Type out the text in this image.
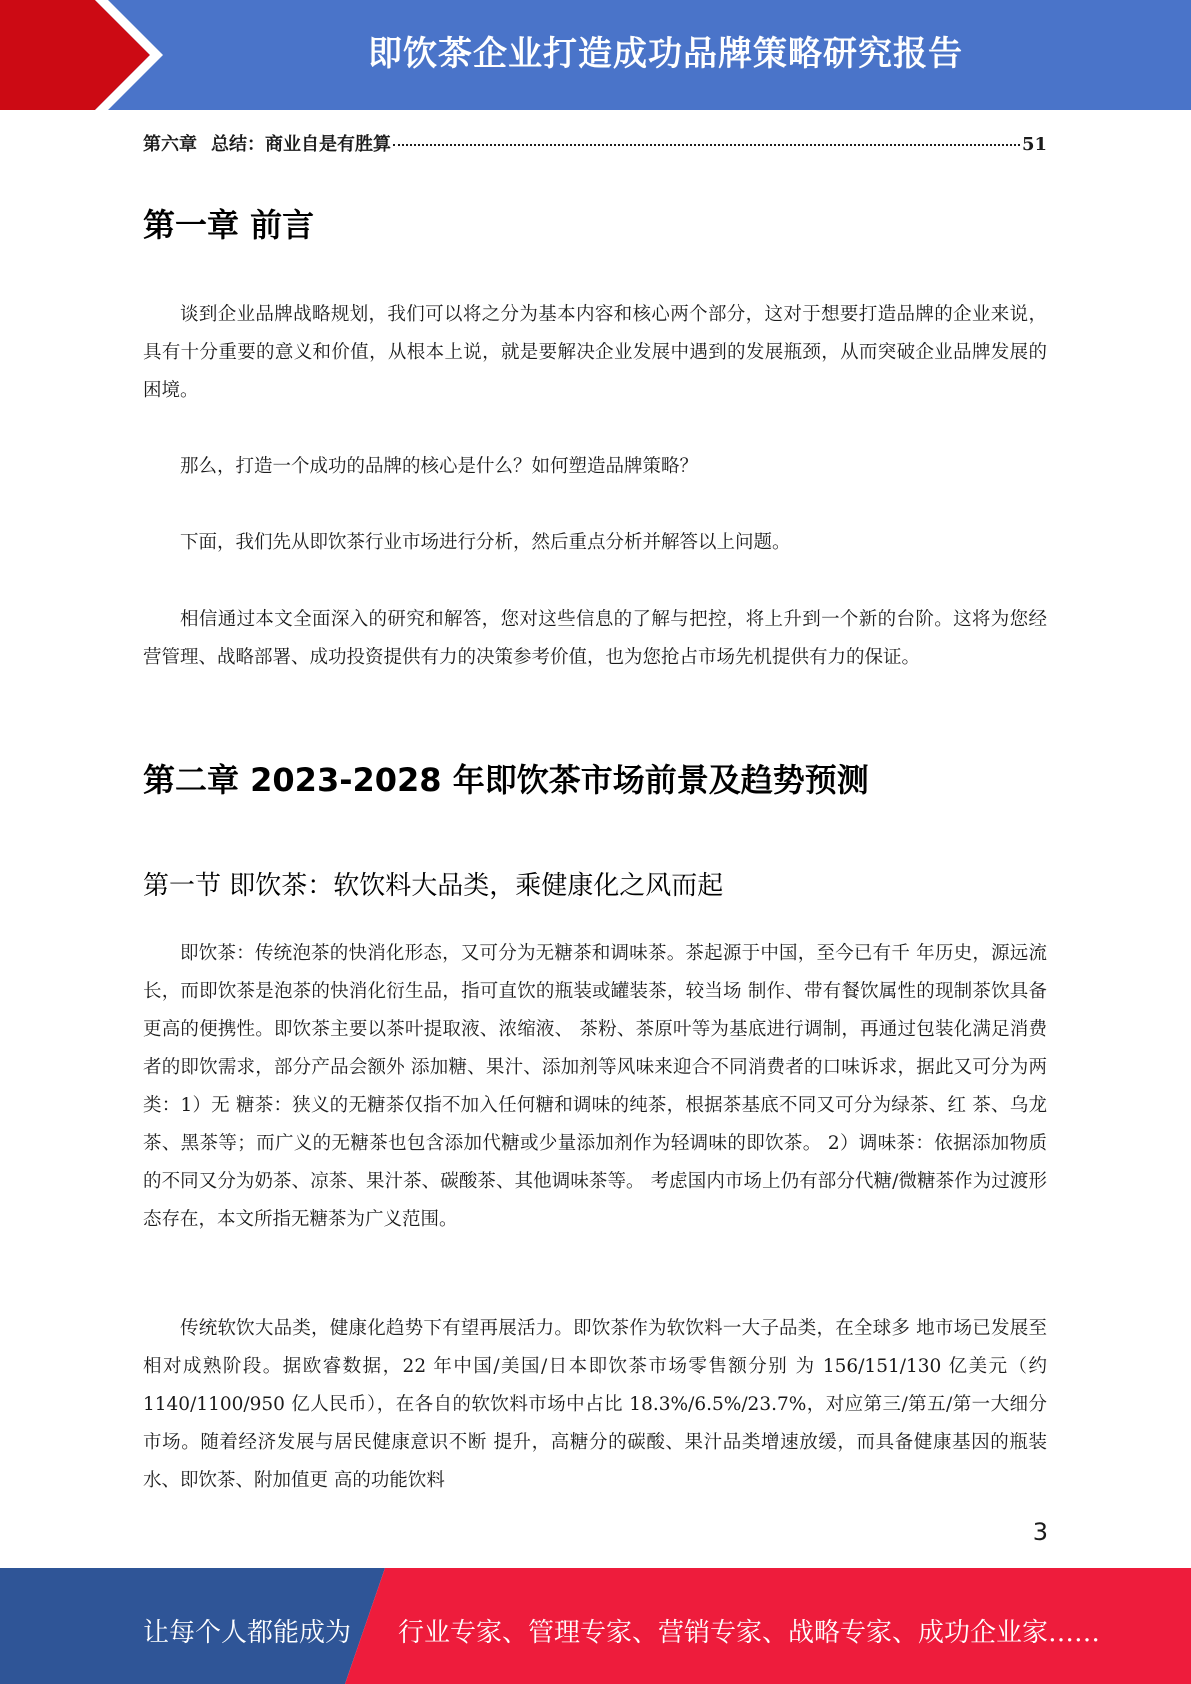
即饮茶企业打造成功品牌策略研究报告
第六章 总结：商业自是有胜算	51
第一章 前言

谈到企业品牌战略规划，我们可以将之分为基本内容和核心两个部分，这对于想要打造品牌的企业来说，具有十分重要的意义和价值，从根本上说，就是要解决企业发展中遇到的发展瓶颈，从而突破企业品牌发展的困境。

那么，打造一个成功的品牌的核心是什么？如何塑造品牌策略？

下面，我们先从即饮茶行业市场进行分析，然后重点分析并解答以上问题。

相信通过本文全面深入的研究和解答，您对这些信息的了解与把控，将上升到一个新的台阶。这将为您经营管理、战略部署、成功投资提供有力的决策参考价值，也为您抢占市场先机提供有力的保证。

第二章 2023-2028 年即饮茶市场前景及趋势预测
第一节 即饮茶：软饮料大品类，乘健康化之风而起

即饮茶：传统泡茶的快消化形态，又可分为无糖茶和调味茶。茶起源于中国，至今已有千 年历史，源远流长，而即饮茶是泡茶的快消化衍生品，指可直饮的瓶装或罐装茶，较当场 制作、带有餐饮属性的现制茶饮具备更高的便携性。即饮茶主要以茶叶提取液、浓缩液、 茶粉、茶原叶等为基底进行调制，再通过包装化满足消费者的即饮需求，部分产品会额外 添加糖、果汁、添加剂等风味来迎合不同消费者的口味诉求，据此又可分为两类：1）无 糖茶：狭义的无糖茶仅指不加入任何糖和调味的纯茶，根据茶基底不同又可分为绿茶、红 茶、乌龙茶、黑茶等；而广义的无糖茶也包含添加代糖或少量添加剂作为轻调味的即饮茶。 2）调味茶：依据添加物质的不同又分为奶茶、凉茶、果汁茶、碳酸茶、其他调味茶等。 考虑国内市场上仍有部分代糖/微糖茶作为过渡形态存在，本文所指无糖茶为广义范围。

传统软饮大品类，健康化趋势下有望再展活力。即饮茶作为软饮料一大子品类，在全球多 地市场已发展至相对成熟阶段。据欧睿数据，22 年中国/美国/日本即饮茶市场零售额分别 为 156/151/130 亿美元（约 1140/1100/950 亿人民币），在各自的软饮料市场中占比 18.3%/6.5%/23.7%，对应第三/第五/第一大细分市场。随着经济发展与居民健康意识不断 提升，高糖分的碳酸、果汁品类增速放缓，而具备健康基因的瓶装水、即饮茶、附加值更 高的功能饮料

3
让每个人都能成为 行业专家、管理专家、营销专家、战略专家、成功企业家……
